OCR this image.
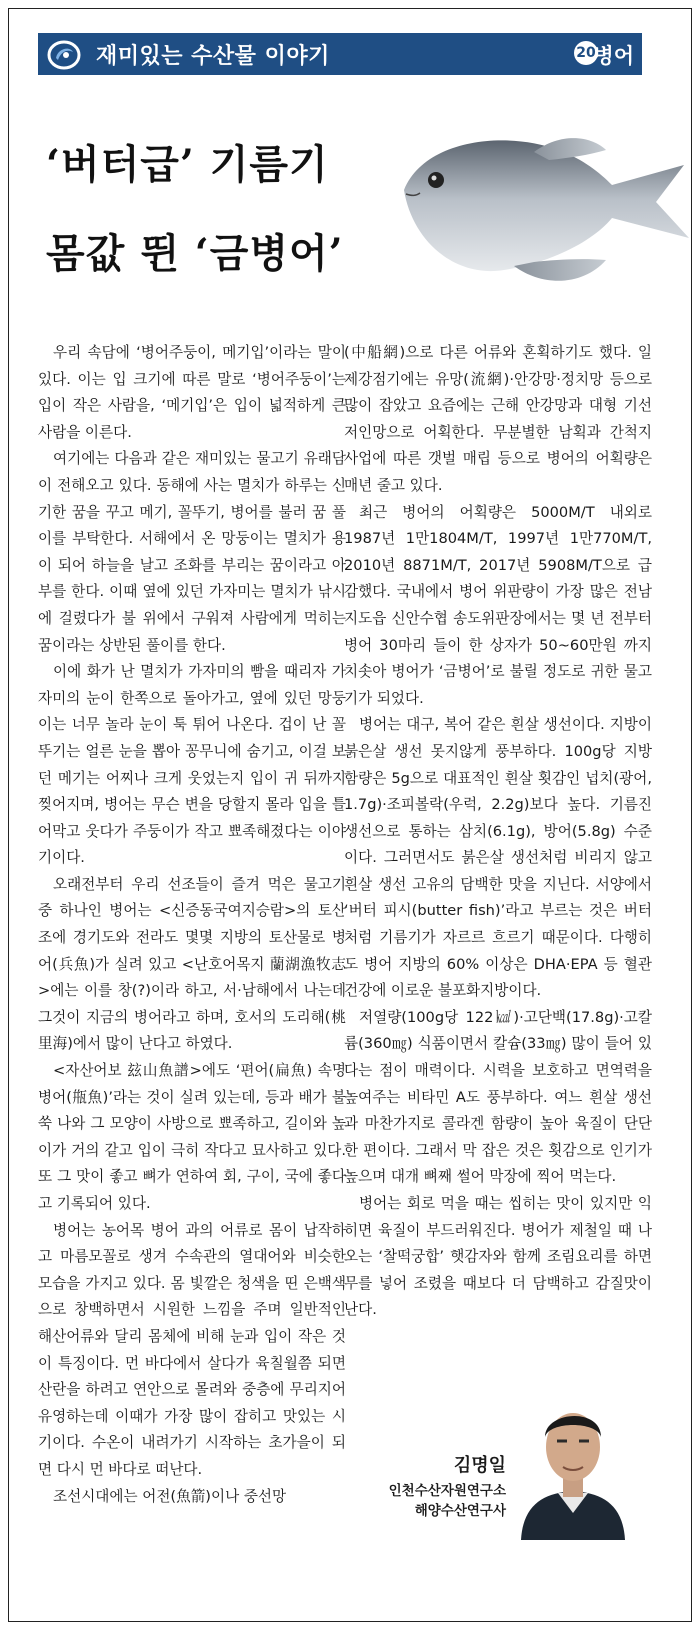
재미있는 수산물 이야기	20
병어
‘버터급’ 기름기
몸값 뛴 ‘금병어’

우리 속담에 ‘병어주둥이, 메기입’이라는 말이 있다. 이는 입 크기에 따른 말로 ‘병어주둥이’는 입이 작은 사람을, ‘메기입’은 입이 넓적하게 큰 사람을 이른다.

여기에는 다음과 같은 재미있는 물고기 유래담이 전해오고 있다. 동해에 사는 멸치가 하루는 신기한 꿈을 꾸고 메기, 꼴뚜기, 병어를 불러 꿈 풀이를 부탁한다. 서해에서 온 망둥이는 멸치가 용이 되어 하늘을 날고 조화를 부리는 꿈이라고 아부를 한다. 이때 옆에 있던 가자미는 멸치가 낚시에 걸렸다가 불 위에서 구워져 사람에게 먹히는 꿈이라는 상반된 풀이를 한다.

이에 화가 난 멸치가 가자미의 빰을 때리자 가자미의 눈이 한쪽으로 돌아가고, 옆에 있던 망둥이는 너무 놀라 눈이 툭 튀어 나온다. 겁이 난 꼴뚜기는 얼른 눈을 뽑아 꽁무니에 숨기고, 이걸 보던 메기는 어찌나 크게 웃었는지 입이 귀 뒤까지 찢어지며, 병어는 무슨 변을 당할지 몰라 입을 틀어막고 웃다가 주둥이가 작고 뾰족해졌다는 이야기이다.

오래전부터 우리 선조들이 즐겨 먹은 물고기 중 하나인 병어는 <신증동국여지승람>의 토산조에 경기도와 전라도 몇몇 지방의 토산물로 병어(兵魚)가 실려 있고 <난호어목지 蘭湖漁牧志>에는 이를 창(?)이라 하고, 서·남해에서 나는데 그것이 지금의 병어라고 하며, 호서의 도리해(桃里海)에서 많이 난다고 하였다.

<자산어보 玆山魚譜>에도 ‘편어(扁魚) 속명 병어(甁魚)’라는 것이 실려 있는데, 등과 배가 불쑥 나와 그 모양이 사방으로 뾰족하고, 길이와 높이가 거의 같고 입이 극히 작다고 묘사하고 있다. 또 그 맛이 좋고 뼈가 연하여 회, 구이, 국에 좋다고 기록되어 있다.

병어는 농어목 병어 과의 어류로 몸이 납작하고 마름모꼴로 생겨 수속관의 열대어와 비슷한 모습을 가지고 있다. 몸 빛깔은 청색을 띤 은백색으로 창백하면서 시원한 느낌을 주며 일반적인 해산어류와 달리 몸체에 비해 눈과 입이 작은 것이 특징이다. 먼 바다에서 살다가 육칠월쯤 되면 산란을 하려고 연안으로 몰려와 중층에 무리지어 유영하는데 이때가 가장 많이 잡히고 맛있는 시기이다. 수온이 내려가기 시작하는 초가을이 되면 다시 먼 바다로 떠난다.

조선시대에는 어전(魚箭)이나 중선망

(中船網)으로 다른 어류와 혼획하기도 했다. 일제강점기에는 유망(流網)·안강망·정치망 등으로 많이 잡았고 요즘에는 근해 안강망과 대형 기선저인망으로 어획한다. 무분별한 남획과 간척지 사업에 따른 갯벌 매립 등으로 병어의 어획량은 매년 줄고 있다.

최근 병어의 어획량은 5000M/T 내외로 1987년 1만1804M/T, 1997년 1만770M/T, 2010년 8871M/T, 2017년 5908M/T으로 급감했다. 국내에서 병어 위판량이 가장 많은 전남 지도읍 신안수협 송도위판장에서는 몇 년 전부터 병어 30마리 들이 한 상자가 50~60만원 까지 치솟아 병어가 ‘금병어’로 불릴 정도로 귀한 물고기가 되었다.

병어는 대구, 복어 같은 흰살 생선이다. 지방이 붉은살 생선 못지않게 풍부하다. 100g당 지방 함량은 5g으로 대표적인 흰살 횟감인 넙치(광어, 1.7g)·조피볼락(우럭, 2.2g)보다 높다. 기름진 생선으로 통하는 삼치(6.1g), 방어(5.8g) 수준이다. 그러면서도 붉은살 생선처럼 비리지 않고 흰살 생선 고유의 담백한 맛을 지닌다. 서양에서 ‘버터 피시(butter fish)’라고 부르는 것은 버터처럼 기름기가 자르르 흐르기 때문이다. 다행히도 병어 지방의 60% 이상은 DHA·EPA 등 혈관건강에 이로운 불포화지방이다.

저열량(100g당 122㎉)·고단백(17.8g)·고칼륨(360㎎) 식품이면서 칼슘(33㎎) 많이 들어 있다는 점이 매력이다. 시력을 보호하고 면역력을 높여주는 비타민 A도 풍부하다. 여느 흰살 생선과 마찬가지로 콜라겐 함량이 높아 육질이 단단한 편이다. 그래서 막 잡은 것은 횟감으로 인기가 높으며 대개 뼈째 썰어 막장에 찍어 먹는다.

병어는 회로 먹을 때는 씹히는 맛이 있지만 익히면 육질이 부드러워진다. 병어가 제철일 때 나오는 ‘찰떡궁합’ 햇감자와 함께 조림요리를 하면 무를 넣어 조렸을 때보다 더 담백하고 감질맛이 난다.

김명일
인천수산자원연구소
해양수산연구사
